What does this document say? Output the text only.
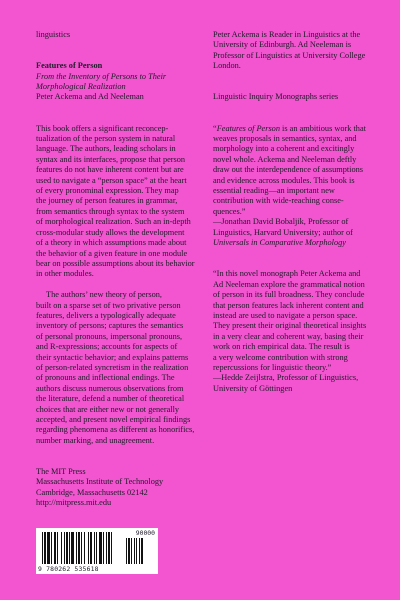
linguistics

Features of Person

From the Inventory of Persons to Their

Morphological Realization

Peter Ackema and Ad Neeleman

This book offers a significant reconcep-

tualization of the person system in natural

language. The authors, leading scholars in

syntax and its interfaces, propose that person

features do not have inherent content but are

used to navigate a “person space” at the heart

of every pronominal expression. They map

the journey of person features in grammar,

from semantics through syntax to the system

of morphological realization. Such an in-depth

cross-modular study allows the development

of a theory in which assumptions made about

the behavior of a given feature in one module

bear on possible assumptions about its behavior

in other modules.

The authors’ new theory of person,

built on a sparse set of two privative person

features, delivers a typologically adequate

inventory of persons; captures the semantics

of personal pronouns, impersonal pronouns,

and R-expressions; accounts for aspects of

their syntactic behavior; and explains patterns

of person-related syncretism in the realization

of pronouns and inflectional endings. The

authors discuss numerous observations from

the literature, defend a number of theoretical

choices that are either new or not generally

accepted, and present novel empirical findings

regarding phenomena as different as honorifics,

number marking, and unagreement.

The MIT Press

Massachusetts Institute of Technology

Cambridge, Massachusetts 02142

http://mitpress.mit.edu

Peter Ackema is Reader in Linguistics at the

University of Edinburgh. Ad Neeleman is

Professor of Linguistics at University College

London.

Linguistic Inquiry Monographs series

“Features of Person is an ambitious work that

weaves proposals in semantics, syntax, and

morphology into a coherent and excitingly

novel whole. Ackema and Neeleman deftly

draw out the interdependence of assumptions

and evidence across modules. This book is

essential reading—an important new

contribution with wide-reaching conse-

quences.”

—Jonathan David Bobaljik, Professor of

Linguistics, Harvard University; author of

Universals in Comparative Morphology

“In this novel monograph Peter Ackema and

Ad Neeleman explore the grammatical notion

of person in its full broadness. They conclude

that person features lack inherent content and

instead are used to navigate a person space.

They present their original theoretical insights

in a very clear and coherent way, basing their

work on rich empirical data. The result is

a very welcome contribution with strong

repercussions for linguistic theory.”

—Hedde Zeijlstra, Professor of Linguistics,

University of Göttingen

9 780262 535618
90000
